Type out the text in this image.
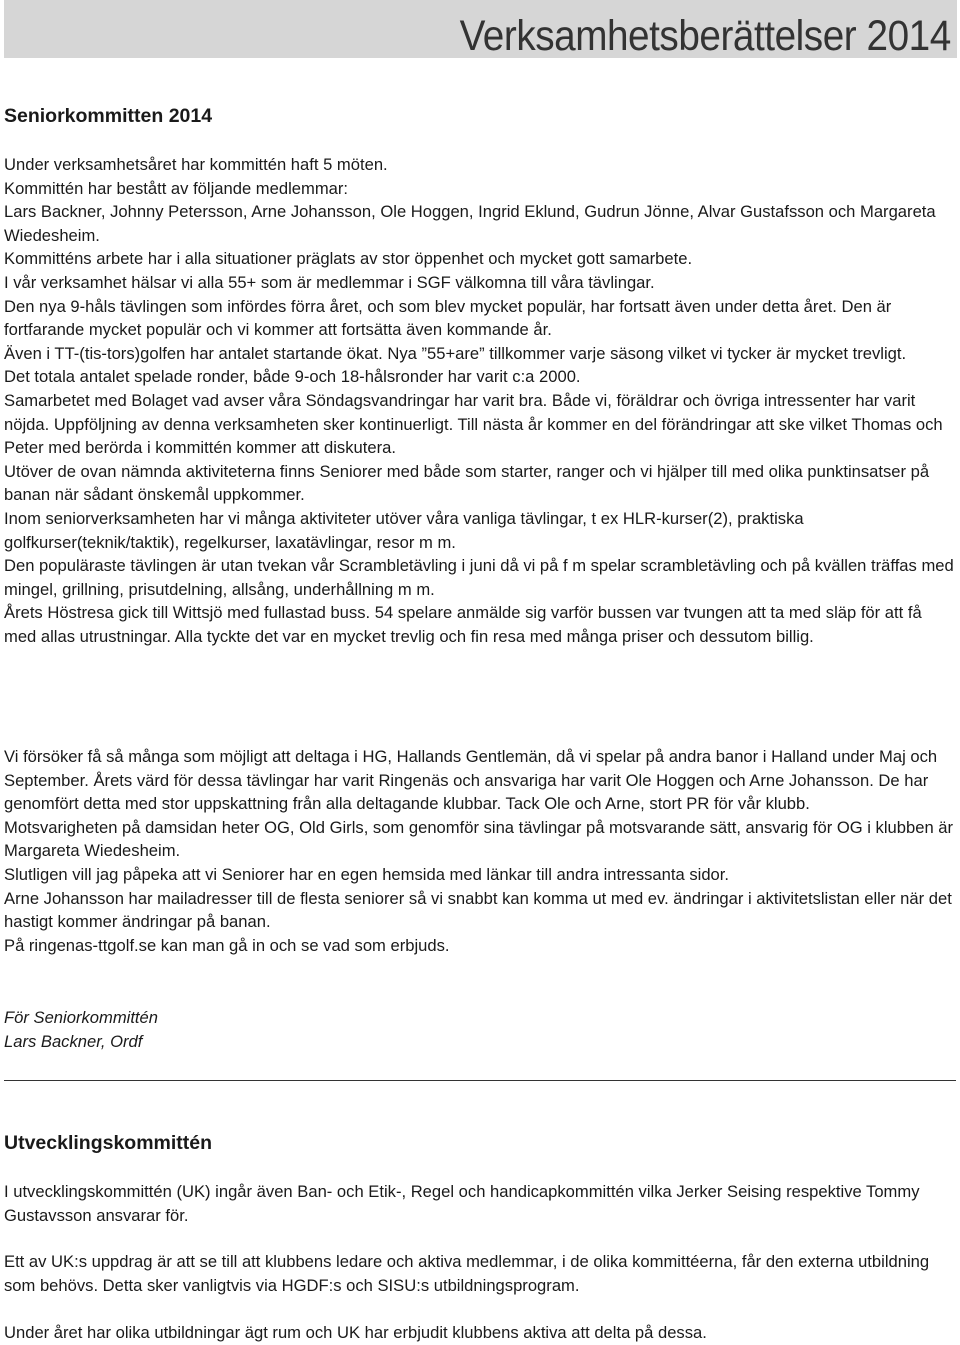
Verksamhetsberättelser 2014
Seniorkommitten 2014

Under verksamhetsåret har kommittén haft 5 möten.

Kommittén har bestått av följande medlemmar:

Lars Backner, Johnny Petersson, Arne Johansson, Ole Hoggen, Ingrid Eklund, Gudrun Jönne, Alvar Gustafsson och Margareta Wiedesheim.

Kommitténs arbete har i alla situationer präglats av stor öppenhet och mycket gott samarbete.

I vår verksamhet hälsar vi alla 55+ som är medlemmar i SGF välkomna till våra tävlingar.

Den nya 9-håls tävlingen som infördes förra året, och som blev mycket populär, har fortsatt även under detta året. Den är fortfarande mycket populär och vi kommer att fortsätta även kommande år.

Även i TT-(tis-tors)golfen har antalet startande ökat. Nya ”55+are” tillkommer varje säsong vilket vi tycker är mycket trevligt.

Det totala antalet spelade ronder, både 9-och 18-hålsronder har varit c:a 2000.

Samarbetet med Bolaget vad avser våra Söndagsvandringar har varit bra. Både vi, föräldrar och övriga intressenter har varit nöjda. Uppföljning av denna verksamheten sker kontinuerligt. Till nästa år kommer en del förändringar att ske vilket Thomas och Peter med berörda i kommittén kommer att diskutera.

Utöver de ovan nämnda aktiviteterna finns Seniorer med både som starter, ranger och vi hjälper till med olika punktinsatser på banan när sådant önskemål uppkommer.

Inom seniorverksamheten har vi många aktiviteter utöver våra vanliga tävlingar, t ex HLR-kurser(2), praktiska golfkurser(teknik/taktik), regelkurser, laxatävlingar, resor m m.

Den populäraste tävlingen är utan tvekan vår Scrambletävling i juni då vi på f m spelar scrambletävling och på kvällen träffas med mingel, grillning, prisutdelning, allsång, underhållning m m.

Årets Höstresa gick till Wittsjö med fullastad buss. 54 spelare anmälde sig varför bussen var tvungen att ta med släp för att få med allas utrustningar. Alla tyckte det var en mycket trevlig och fin resa med många priser och dessutom billig.

Vi försöker få så många som möjligt att deltaga i HG, Hallands Gentlemän, då vi spelar på andra banor i Halland under Maj och September. Årets värd för dessa tävlingar har varit Ringenäs och ansvariga har varit Ole Hoggen och Arne Johansson. De har genomfört detta med stor uppskattning från alla deltagande klubbar. Tack Ole och Arne, stort PR för vår klubb.

Motsvarigheten på damsidan heter OG, Old Girls, som genomför sina tävlingar på motsvarande sätt, ansvarig för OG i klubben är Margareta Wiedesheim.

Slutligen vill jag påpeka att vi Seniorer har en egen hemsida med länkar till andra intressanta sidor.

Arne Johansson har mailadresser till de flesta seniorer så vi snabbt kan komma ut med ev. ändringar i aktivitetslistan eller när det hastigt kommer ändringar på banan.

På ringenas-ttgolf.se kan man gå in och se vad som erbjuds.

För Seniorkommittén

Lars Backner, Ordf

Utvecklingskommittén
I utvecklingskommittén (UK) ingår även Ban- och Etik-, Regel och handicapkommittén vilka Jerker Seising respektive Tommy Gustavsson ansvarar för.
Ett av UK:s uppdrag är att se till att klubbens ledare och aktiva medlemmar, i de olika kommittéerna, får den externa utbildning som behövs. Detta sker vanligtvis via HGDF:s och SISU:s utbildningsprogram.
Under året har olika utbildningar ägt rum och UK har erbjudit klubbens aktiva att delta på dessa.
